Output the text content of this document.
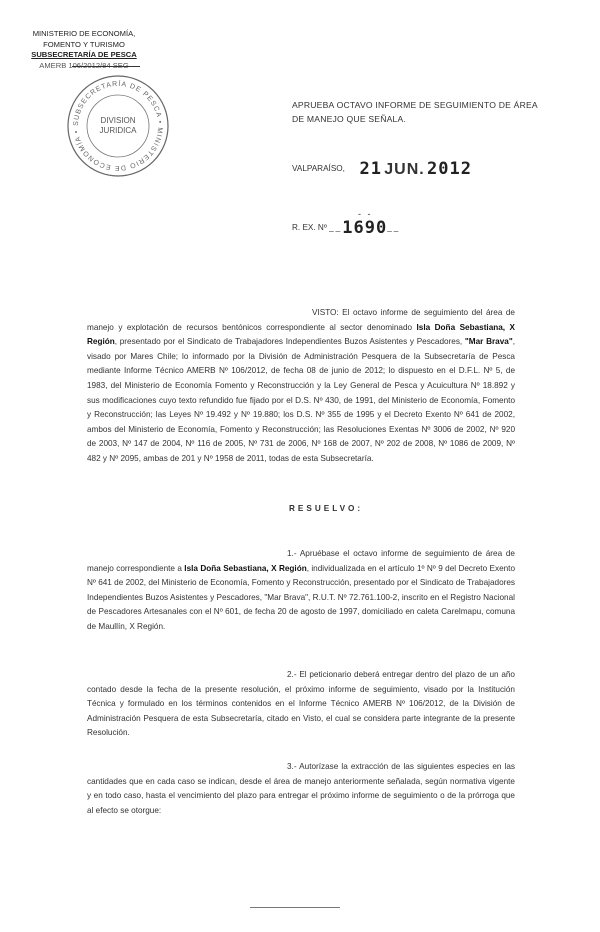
MINISTERIO DE ECONOMÍA,
FOMENTO Y TURISMO
SUBSECRETARÍA DE PESCA
AMERB 106/2012/84 SEG
SUBSECRETARÍA DE PESCA • MINISTERIO DE ECONOMÍA •
DIVISION
JURIDICA
APRUEBA OCTAVO INFORME DE SEGUIMIENTO DE ÁREA DE MANEJO QUE SEÑALA.
VALPARAÍSO, 21 JUN. 2012
- -
R. EX. Nº __1690__
VISTO: El octavo informe de seguimiento del área de manejo y explotación de recursos bentónicos correspondiente al sector denominado Isla Doña Sebastiana, X Región, presentado por el Sindicato de Trabajadores Independientes Buzos Asistentes y Pescadores, "Mar Brava", visado por Mares Chile; lo informado por la División de Administración Pesquera de la Subsecretaría de Pesca mediante Informe Técnico AMERB Nº 106/2012, de fecha 08 de junio de 2012; lo dispuesto en el D.F.L. Nº 5, de 1983, del Ministerio de Economía Fomento y Reconstrucción y la Ley General de Pesca y Acuicultura Nº 18.892 y sus modificaciones cuyo texto refundido fue fijado por el D.S. Nº 430, de 1991, del Ministerio de Economía, Fomento y Reconstrucción; las Leyes Nº 19.492 y Nº 19.880; los D.S. Nº 355 de 1995 y el Decreto Exento Nº 641 de 2002, ambos del Ministerio de Economía, Fomento y Reconstrucción; las Resoluciones Exentas Nº 3006 de 2002, Nº 920 de 2003, Nº 147 de 2004, Nº 116 de 2005, Nº 731 de 2006, Nº 168 de 2007, Nº 202 de 2008, Nº 1086 de 2009, Nº 482 y Nº 2095, ambas de 201 y Nº 1958 de 2011, todas de esta Subsecretaría.
RESUELVO:
1.- Apruébase el octavo informe de seguimiento de área de manejo correspondiente a Isla Doña Sebastiana, X Región, individualizada en el artículo 1º Nº 9 del Decreto Exento Nº 641 de 2002, del Ministerio de Economía, Fomento y Reconstrucción, presentado por el Sindicato de Trabajadores Independientes Buzos Asistentes y Pescadores, "Mar Brava", R.U.T. Nº 72.761.100-2, inscrito en el Registro Nacional de Pescadores Artesanales con el Nº 601, de fecha 20 de agosto de 1997, domiciliado en caleta Carelmapu, comuna de Maullín, X Región.
2.- El peticionario deberá entregar dentro del plazo de un año contado desde la fecha de la presente resolución, el próximo informe de seguimiento, visado por la Institución Técnica y formulado en los términos contenidos en el Informe Técnico AMERB Nº 106/2012, de la División de Administración Pesquera de esta Subsecretaría, citado en Visto, el cual se considera parte integrante de la presente Resolución.
3.- Autorízase la extracción de las siguientes especies en las cantidades que en cada caso se indican, desde el área de manejo anteriormente señalada, según normativa vigente y en todo caso, hasta el vencimiento del plazo para entregar el próximo informe de seguimiento o de la prórroga que al efecto se otorgue:
